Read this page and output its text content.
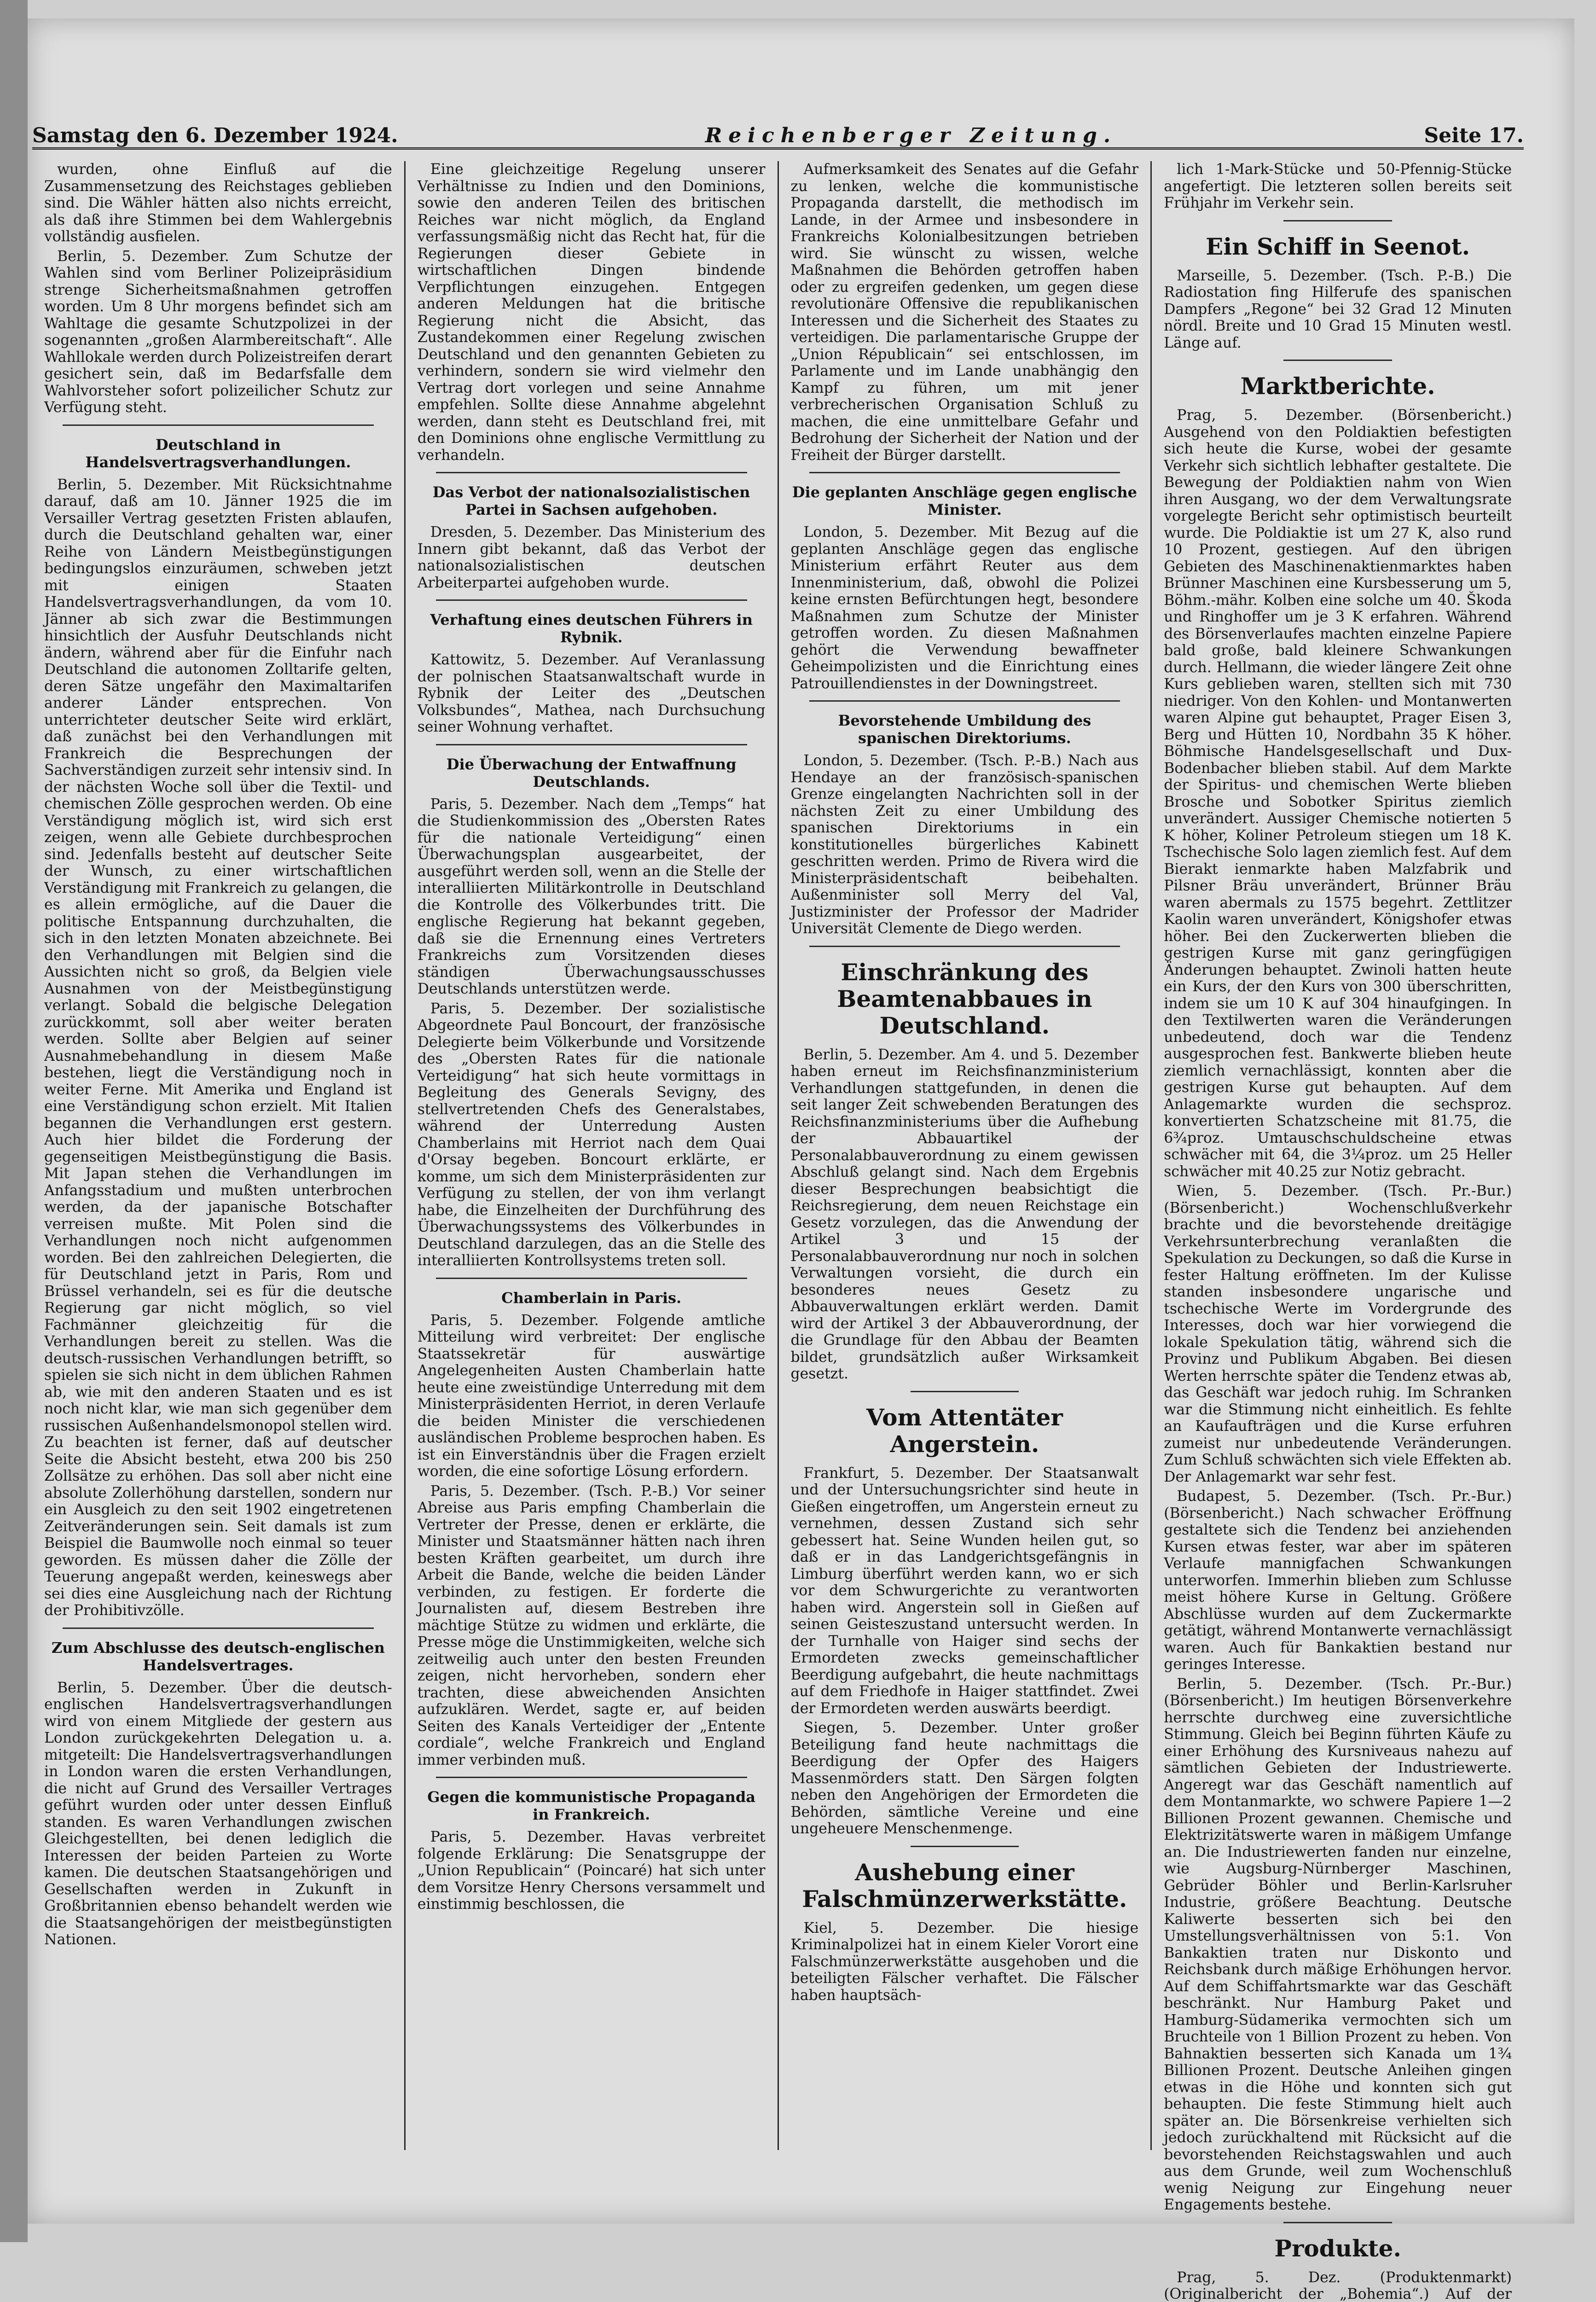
Samstag den 6. Dezember 1924.	Reichenberger Zeitung.	Seite 17.

wurden, ohne Einfluß auf die Zusammensetzung des Reichstages geblieben sind. Die Wähler hätten also nichts erreicht, als daß ihre Stimmen bei dem Wahlergebnis vollständig ausfielen.

Berlin, 5. Dezember. Zum Schutze der Wahlen sind vom Berliner Polizeipräsidium strenge Sicherheitsmaßnahmen getroffen worden. Um 8 Uhr morgens befindet sich am Wahltage die gesamte Schutzpolizei in der sogenannten „großen Alarmbereitschaft“. Alle Wahllokale werden durch Polizeistreifen derart gesichert sein, daß im Bedarfsfalle dem Wahlvorsteher sofort polizeilicher Schutz zur Verfügung steht.

Deutschland in Handelsvertragsverhandlungen.

Berlin, 5. Dezember. Mit Rücksichtnahme darauf, daß am 10. Jänner 1925 die im Versailler Vertrag gesetzten Fristen ablaufen, durch die Deutschland gehalten war, einer Reihe von Ländern Meistbegünstigungen bedingungslos einzuräumen, schweben jetzt mit einigen Staaten Handelsvertragsverhandlungen, da vom 10. Jänner ab sich zwar die Bestimmungen hinsichtlich der Ausfuhr Deutschlands nicht ändern, während aber für die Einfuhr nach Deutschland die autonomen Zolltarife gelten, deren Sätze ungefähr den Maximaltarifen anderer Länder entsprechen. Von unterrichteter deutscher Seite wird erklärt, daß zunächst bei den Verhandlungen mit Frankreich die Besprechungen der Sachverständigen zurzeit sehr intensiv sind. In der nächsten Woche soll über die Textil- und chemischen Zölle gesprochen werden. Ob eine Verständigung möglich ist, wird sich erst zeigen, wenn alle Gebiete durchbesprochen sind. Jedenfalls besteht auf deutscher Seite der Wunsch, zu einer wirtschaftlichen Verständigung mit Frankreich zu gelangen, die es allein ermögliche, auf die Dauer die politische Entspannung durchzuhalten, die sich in den letzten Monaten abzeichnete. Bei den Verhandlungen mit Belgien sind die Aussichten nicht so groß, da Belgien viele Ausnahmen von der Meistbegünstigung verlangt. Sobald die belgische Delegation zurückkommt, soll aber weiter beraten werden. Sollte aber Belgien auf seiner Ausnahmebehandlung in diesem Maße bestehen, liegt die Verständigung noch in weiter Ferne. Mit Amerika und England ist eine Verständigung schon erzielt. Mit Italien begannen die Verhandlungen erst gestern. Auch hier bildet die Forderung der gegenseitigen Meistbegünstigung die Basis. Mit Japan stehen die Verhandlungen im Anfangsstadium und mußten unterbrochen werden, da der japanische Botschafter verreisen mußte. Mit Polen sind die Verhandlungen noch nicht aufgenommen worden. Bei den zahlreichen Delegierten, die für Deutschland jetzt in Paris, Rom und Brüssel verhandeln, sei es für die deutsche Regierung gar nicht möglich, so viel Fachmänner gleichzeitig für die Verhandlungen bereit zu stellen. Was die deutsch-russischen Verhandlungen betrifft, so spielen sie sich nicht in dem üblichen Rahmen ab, wie mit den anderen Staaten und es ist noch nicht klar, wie man sich gegenüber dem russischen Außenhandelsmonopol stellen wird. Zu beachten ist ferner, daß auf deutscher Seite die Absicht besteht, etwa 200 bis 250 Zollsätze zu erhöhen. Das soll aber nicht eine absolute Zollerhöhung darstellen, sondern nur ein Ausgleich zu den seit 1902 eingetretenen Zeitveränderungen sein. Seit damals ist zum Beispiel die Baumwolle noch einmal so teuer geworden. Es müssen daher die Zölle der Teuerung angepaßt werden, keineswegs aber sei dies eine Ausgleichung nach der Richtung der Prohibitivzölle.

Zum Abschlusse des deutsch-englischen Handelsvertrages.

Berlin, 5. Dezember. Über die deutsch-englischen Handelsvertragsverhandlungen wird von einem Mitgliede der gestern aus London zurückgekehrten Delegation u. a. mitgeteilt: Die Handelsvertragsverhandlungen in London waren die ersten Verhandlungen, die nicht auf Grund des Versailler Vertrages geführt wurden oder unter dessen Einfluß standen. Es waren Verhandlungen zwischen Gleichgestellten, bei denen lediglich die Interessen der beiden Parteien zu Worte kamen. Die deutschen Staatsangehörigen und Gesellschaften werden in Zukunft in Großbritannien ebenso behandelt werden wie die Staatsangehörigen der meistbegünstigten Nationen.

Eine gleichzeitige Regelung unserer Verhältnisse zu Indien und den Dominions, sowie den anderen Teilen des britischen Reiches war nicht möglich, da England verfassungsmäßig nicht das Recht hat, für die Regierungen dieser Gebiete in wirtschaftlichen Dingen bindende Verpflichtungen einzugehen. Entgegen anderen Meldungen hat die britische Regierung nicht die Absicht, das Zustandekommen einer Regelung zwischen Deutschland und den genannten Gebieten zu verhindern, sondern sie wird vielmehr den Vertrag dort vorlegen und seine Annahme empfehlen. Sollte diese Annahme abgelehnt werden, dann steht es Deutschland frei, mit den Dominions ohne englische Vermittlung zu verhandeln.

Das Verbot der nationalsozialistischen Partei in Sachsen aufgehoben.

Dresden, 5. Dezember. Das Ministerium des Innern gibt bekannt, daß das Verbot der nationalsozialistischen deutschen Arbeiterpartei aufgehoben wurde.

Verhaftung eines deutschen Führers in Rybnik.

Kattowitz, 5. Dezember. Auf Veranlassung der polnischen Staatsanwaltschaft wurde in Rybnik der Leiter des „Deutschen Volksbundes“, Mathea, nach Durchsuchung seiner Wohnung verhaftet.

Die Überwachung der Entwaffnung Deutschlands.

Paris, 5. Dezember. Nach dem „Temps“ hat die Studienkommission des „Obersten Rates für die nationale Verteidigung“ einen Überwachungsplan ausgearbeitet, der ausgeführt werden soll, wenn an die Stelle der interalliierten Militärkontrolle in Deutschland die Kontrolle des Völkerbundes tritt. Die englische Regierung hat bekannt gegeben, daß sie die Ernennung eines Vertreters Frankreichs zum Vorsitzenden dieses ständigen Überwachungsausschusses Deutschlands unterstützen werde.

Paris, 5. Dezember. Der sozialistische Abgeordnete Paul Boncourt, der französische Delegierte beim Völkerbunde und Vorsitzende des „Obersten Rates für die nationale Verteidigung“ hat sich heute vormittags in Begleitung des Generals Sevigny, des stellvertretenden Chefs des Generalstabes, während der Unterredung Austen Chamberlains mit Herriot nach dem Quai d'Orsay begeben. Boncourt erklärte, er komme, um sich dem Ministerpräsidenten zur Verfügung zu stellen, der von ihm verlangt habe, die Einzelheiten der Durchführung des Überwachungssystems des Völkerbundes in Deutschland darzulegen, das an die Stelle des interalliierten Kontrollsystems treten soll.

Chamberlain in Paris.

Paris, 5. Dezember. Folgende amtliche Mitteilung wird verbreitet: Der englische Staatssekretär für auswärtige Angelegenheiten Austen Chamberlain hatte heute eine zweistündige Unterredung mit dem Ministerpräsidenten Herriot, in deren Verlaufe die beiden Minister die verschiedenen ausländischen Probleme besprochen haben. Es ist ein Einverständnis über die Fragen erzielt worden, die eine sofortige Lösung erfordern.

Paris, 5. Dezember. (Tsch. P.-B.) Vor seiner Abreise aus Paris empfing Chamberlain die Vertreter der Presse, denen er erklärte, die Minister und Staatsmänner hätten nach ihren besten Kräften gearbeitet, um durch ihre Arbeit die Bande, welche die beiden Länder verbinden, zu festigen. Er forderte die Journalisten auf, diesem Bestreben ihre mächtige Stütze zu widmen und erklärte, die Presse möge die Unstimmigkeiten, welche sich zeitweilig auch unter den besten Freunden zeigen, nicht hervorheben, sondern eher trachten, diese abweichenden Ansichten aufzuklären. Werdet, sagte er, auf beiden Seiten des Kanals Verteidiger der „Entente cordiale“, welche Frankreich und England immer verbinden muß.

Gegen die kommunistische Propaganda in Frankreich.

Paris, 5. Dezember. Havas verbreitet folgende Erklärung: Die Senatsgruppe der „Union Republicain“ (Poincaré) hat sich unter dem Vorsitze Henry Chersons versammelt und einstimmig beschlossen, die

Aufmerksamkeit des Senates auf die Gefahr zu lenken, welche die kommunistische Propaganda darstellt, die methodisch im Lande, in der Armee und insbesondere in Frankreichs Kolonialbesitzungen betrieben wird. Sie wünscht zu wissen, welche Maßnahmen die Behörden getroffen haben oder zu ergreifen gedenken, um gegen diese revolutionäre Offensive die republikanischen Interessen und die Sicherheit des Staates zu verteidigen. Die parlamentarische Gruppe der „Union Républicain“ sei entschlossen, im Parlamente und im Lande unabhängig den Kampf zu führen, um mit jener verbrecherischen Organisation Schluß zu machen, die eine unmittelbare Gefahr und Bedrohung der Sicherheit der Nation und der Freiheit der Bürger darstellt.

Die geplanten Anschläge gegen englische Minister.

London, 5. Dezember. Mit Bezug auf die geplanten Anschläge gegen das englische Ministerium erfährt Reuter aus dem Innenministerium, daß, obwohl die Polizei keine ernsten Befürchtungen hegt, besondere Maßnahmen zum Schutze der Minister getroffen worden. Zu diesen Maßnahmen gehört die Verwendung bewaffneter Geheimpolizisten und die Einrichtung eines Patrouillendienstes in der Downingstreet.

Bevorstehende Umbildung des spanischen Direktoriums.

London, 5. Dezember. (Tsch. P.-B.) Nach aus Hendaye an der französisch-spanischen Grenze eingelangten Nachrichten soll in der nächsten Zeit zu einer Umbildung des spanischen Direktoriums in ein konstitutionelles bürgerliches Kabinett geschritten werden. Primo de Rivera wird die Ministerpräsidentschaft beibehalten. Außenminister soll Merry del Val, Justizminister der Professor der Madrider Universität Clemente de Diego werden.

Einschränkung des Beamtenabbaues in Deutschland.

Berlin, 5. Dezember. Am 4. und 5. Dezember haben erneut im Reichsfinanzministerium Verhandlungen stattgefunden, in denen die seit langer Zeit schwebenden Beratungen des Reichsfinanzministeriums über die Aufhebung der Abbauartikel der Personalabbauverordnung zu einem gewissen Abschluß gelangt sind. Nach dem Ergebnis dieser Besprechungen beabsichtigt die Reichsregierung, dem neuen Reichstage ein Gesetz vorzulegen, das die Anwendung der Artikel 3 und 15 der Personalabbauverordnung nur noch in solchen Verwaltungen vorsieht, die durch ein besonderes neues Gesetz zu Abbauverwaltungen erklärt werden. Damit wird der Artikel 3 der Abbauverordnung, der die Grundlage für den Abbau der Beamten bildet, grundsätzlich außer Wirksamkeit gesetzt.

Vom Attentäter Angerstein.

Frankfurt, 5. Dezember. Der Staatsanwalt und der Untersuchungsrichter sind heute in Gießen eingetroffen, um Angerstein erneut zu vernehmen, dessen Zustand sich sehr gebessert hat. Seine Wunden heilen gut, so daß er in das Landgerichtsgefängnis in Limburg überführt werden kann, wo er sich vor dem Schwurgerichte zu verantworten haben wird. Angerstein soll in Gießen auf seinen Geisteszustand untersucht werden. In der Turnhalle von Haiger sind sechs der Ermordeten zwecks gemeinschaftlicher Beerdigung aufgebahrt, die heute nachmittags auf dem Friedhofe in Haiger stattfindet. Zwei der Ermordeten werden auswärts beerdigt.

Siegen, 5. Dezember. Unter großer Beteiligung fand heute nachmittags die Beerdigung der Opfer des Haigers Massenmörders statt. Den Särgen folgten neben den Angehörigen der Ermordeten die Behörden, sämtliche Vereine und eine ungeheuere Menschenmenge.

Aushebung einer Falschmünzerwerkstätte.

Kiel, 5. Dezember. Die hiesige Kriminalpolizei hat in einem Kieler Vorort eine Falschmünzerwerkstätte ausgehoben und die beteiligten Fälscher verhaftet. Die Fälscher haben hauptsäch-

lich 1-Mark-Stücke und 50-Pfennig-Stücke angefertigt. Die letzteren sollen bereits seit Frühjahr im Verkehr sein.

Ein Schiff in Seenot.

Marseille, 5. Dezember. (Tsch. P.-B.) Die Radiostation fing Hilferufe des spanischen Dampfers „Regone“ bei 32 Grad 12 Minuten nördl. Breite und 10 Grad 15 Minuten westl. Länge auf.

Marktberichte.

Prag, 5. Dezember. (Börsenbericht.) Ausgehend von den Poldiaktien befestigten sich heute die Kurse, wobei der gesamte Verkehr sich sichtlich lebhafter gestaltete. Die Bewegung der Poldiaktien nahm von Wien ihren Ausgang, wo der dem Verwaltungsrate vorgelegte Bericht sehr optimistisch beurteilt wurde. Die Poldiaktie ist um 27 K, also rund 10 Prozent, gestiegen. Auf den übrigen Gebieten des Maschinenaktienmarktes haben Brünner Maschinen eine Kursbesserung um 5, Böhm.-mähr. Kolben eine solche um 40. Škoda und Ringhoffer um je 3 K erfahren. Während des Börsenverlaufes machten einzelne Papiere bald große, bald kleinere Schwankungen durch. Hellmann, die wieder längere Zeit ohne Kurs geblieben waren, stellten sich mit 730 niedriger. Von den Kohlen- und Montanwerten waren Alpine gut behauptet, Prager Eisen 3, Berg und Hütten 10, Nordbahn 35 K höher. Böhmische Handelsgesellschaft und Dux-Bodenbacher blieben stabil. Auf dem Markte der Spiritus- und chemischen Werte blieben Brosche und Sobotker Spiritus ziemlich unverändert. Aussiger Chemische notierten 5 K höher, Koliner Petroleum stiegen um 18 K. Tschechische Solo lagen ziemlich fest. Auf dem Bierakt ienmarkte haben Malzfabrik und Pilsner Bräu unverändert, Brünner Bräu waren abermals zu 1575 begehrt. Zettlitzer Kaolin waren unverändert, Königshofer etwas höher. Bei den Zuckerwerten blieben die gestrigen Kurse mit ganz geringfügigen Änderungen behauptet. Zwinoli hatten heute ein Kurs, der den Kurs von 300 überschritten, indem sie um 10 K auf 304 hinaufgingen. In den Textilwerten waren die Veränderungen unbedeutend, doch war die Tendenz ausgesprochen fest. Bankwerte blieben heute ziemlich vernachlässigt, konnten aber die gestrigen Kurse gut behaupten. Auf dem Anlagemarkte wurden die sechsproz. konvertierten Schatzscheine mit 81.75, die 6¾proz. Umtauschschuldscheine etwas schwächer mit 64, die 3¼proz. um 25 Heller schwächer mit 40.25 zur Notiz gebracht.

Wien, 5. Dezember. (Tsch. Pr.-Bur.) (Börsenbericht.) Wochenschlußverkehr brachte und die bevorstehende dreitägige Verkehrsunterbrechung veranlaßten die Spekulation zu Deckungen, so daß die Kurse in fester Haltung eröffneten. Im der Kulisse standen insbesondere ungarische und tschechische Werte im Vordergrunde des Interesses, doch war hier vorwiegend die lokale Spekulation tätig, während sich die Provinz und Publikum Abgaben. Bei diesen Werten herrschte später die Tendenz etwas ab, das Geschäft war jedoch ruhig. Im Schranken war die Stimmung nicht einheitlich. Es fehlte an Kaufaufträgen und die Kurse erfuhren zumeist nur unbedeutende Veränderungen. Zum Schluß schwächten sich viele Effekten ab. Der Anlagemarkt war sehr fest.

Budapest, 5. Dezember. (Tsch. Pr.-Bur.) (Börsenbericht.) Nach schwacher Eröffnung gestaltete sich die Tendenz bei anziehenden Kursen etwas fester, war aber im späteren Verlaufe mannigfachen Schwankungen unterworfen. Immerhin blieben zum Schlusse meist höhere Kurse in Geltung. Größere Abschlüsse wurden auf dem Zuckermarkte getätigt, während Montanwerte vernachlässigt waren. Auch für Bankaktien bestand nur geringes Interesse.

Berlin, 5. Dezember. (Tsch. Pr.-Bur.) (Börsenbericht.) Im heutigen Börsenverkehre herrschte durchweg eine zuversichtliche Stimmung. Gleich bei Beginn führten Käufe zu einer Erhöhung des Kursniveaus nahezu auf sämtlichen Gebieten der Industriewerte. Angeregt war das Geschäft namentlich auf dem Montanmarkte, wo schwere Papiere 1—2 Billionen Prozent gewannen. Chemische und Elektrizitätswerte waren in mäßigem Umfange an. Die Industriewerten fanden nur einzelne, wie Augsburg-Nürnberger Maschinen, Gebrüder Böhler und Berlin-Karlsruher Industrie, größere Beachtung. Deutsche Kaliwerte besserten sich bei den Umstellungsverhältnissen von 5:1. Von Bankaktien traten nur Diskonto und Reichsbank durch mäßige Erhöhungen hervor. Auf dem Schiffahrtsmarkte war das Geschäft beschränkt. Nur Hamburg Paket und Hamburg-Südamerika vermochten sich um Bruchteile von 1 Billion Prozent zu heben. Von Bahnaktien besserten sich Kanada um 1¾ Billionen Prozent. Deutsche Anleihen gingen etwas in die Höhe und konnten sich gut behaupten. Die feste Stimmung hielt auch später an. Die Börsenkreise verhielten sich jedoch zurückhaltend mit Rücksicht auf die bevorstehenden Reichstagswahlen und auch aus dem Grunde, weil zum Wochenschluß wenig Neigung zur Eingehung neuer Engagements bestehe.

Produkte.

Prag, 5. Dez. (Produktenmarkt) (Originalbericht der „Bohemia“.) Auf der
